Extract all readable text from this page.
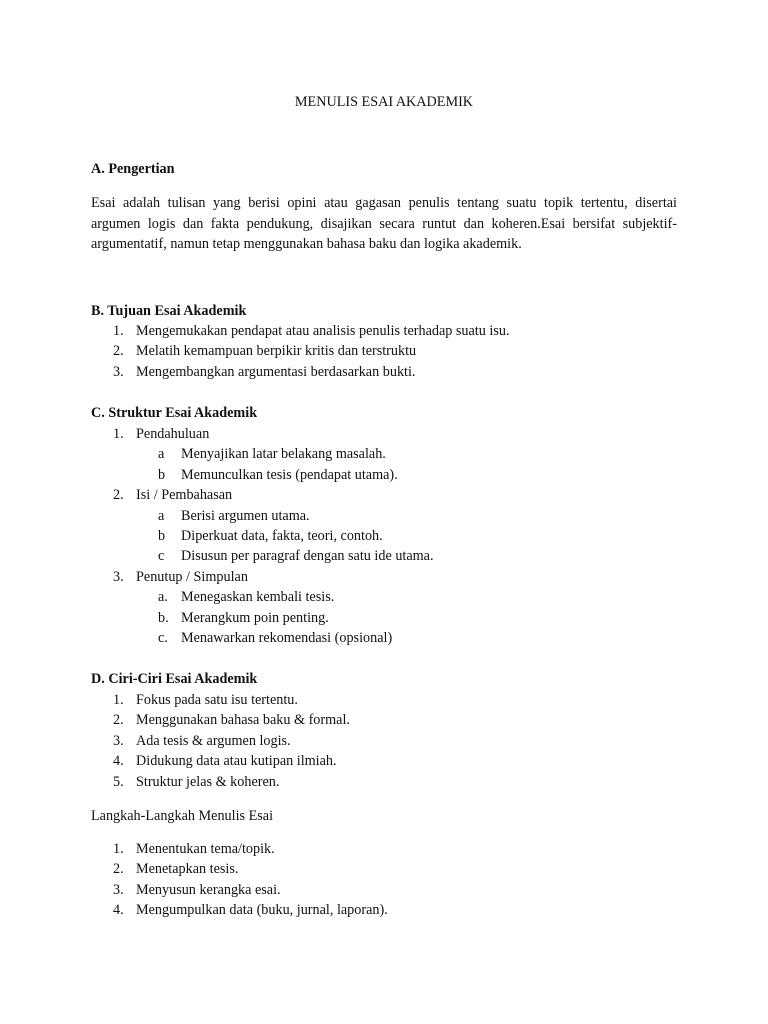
MENULIS ESAI AKADEMIK
A. Pengertian

Esai adalah tulisan yang berisi opini atau gagasan penulis tentang suatu topik tertentu, disertai argumen logis dan fakta pendukung, disajikan secara runtut dan koheren.Esai bersifat subjektif-argumentatif, namun tetap menggunakan bahasa baku dan logika akademik.

B. Tujuan Esai Akademik
1. Mengemukakan pendapat atau analisis penulis terhadap suatu isu.
2. Melatih kemampuan berpikir kritis dan terstruktu
3. Mengembangkan argumentasi berdasarkan bukti.
C. Struktur Esai Akademik
1. Pendahuluan
a Menyajikan latar belakang masalah.
b Memunculkan tesis (pendapat utama).
2. Isi / Pembahasan
a Berisi argumen utama.
b Diperkuat data, fakta, teori, contoh.
c Disusun per paragraf dengan satu ide utama.
3. Penutup / Simpulan
a. Menegaskan kembali tesis.
b. Merangkum poin penting.
c. Menawarkan rekomendasi (opsional)
D. Ciri-Ciri Esai Akademik
1. Fokus pada satu isu tertentu.
2. Menggunakan bahasa baku & formal.
3. Ada tesis & argumen logis.
4. Didukung data atau kutipan ilmiah.
5. Struktur jelas & koheren.
Langkah-Langkah Menulis Esai
1. Menentukan tema/topik.
2. Menetapkan tesis.
3. Menyusun kerangka esai.
4. Mengumpulkan data (buku, jurnal, laporan).
